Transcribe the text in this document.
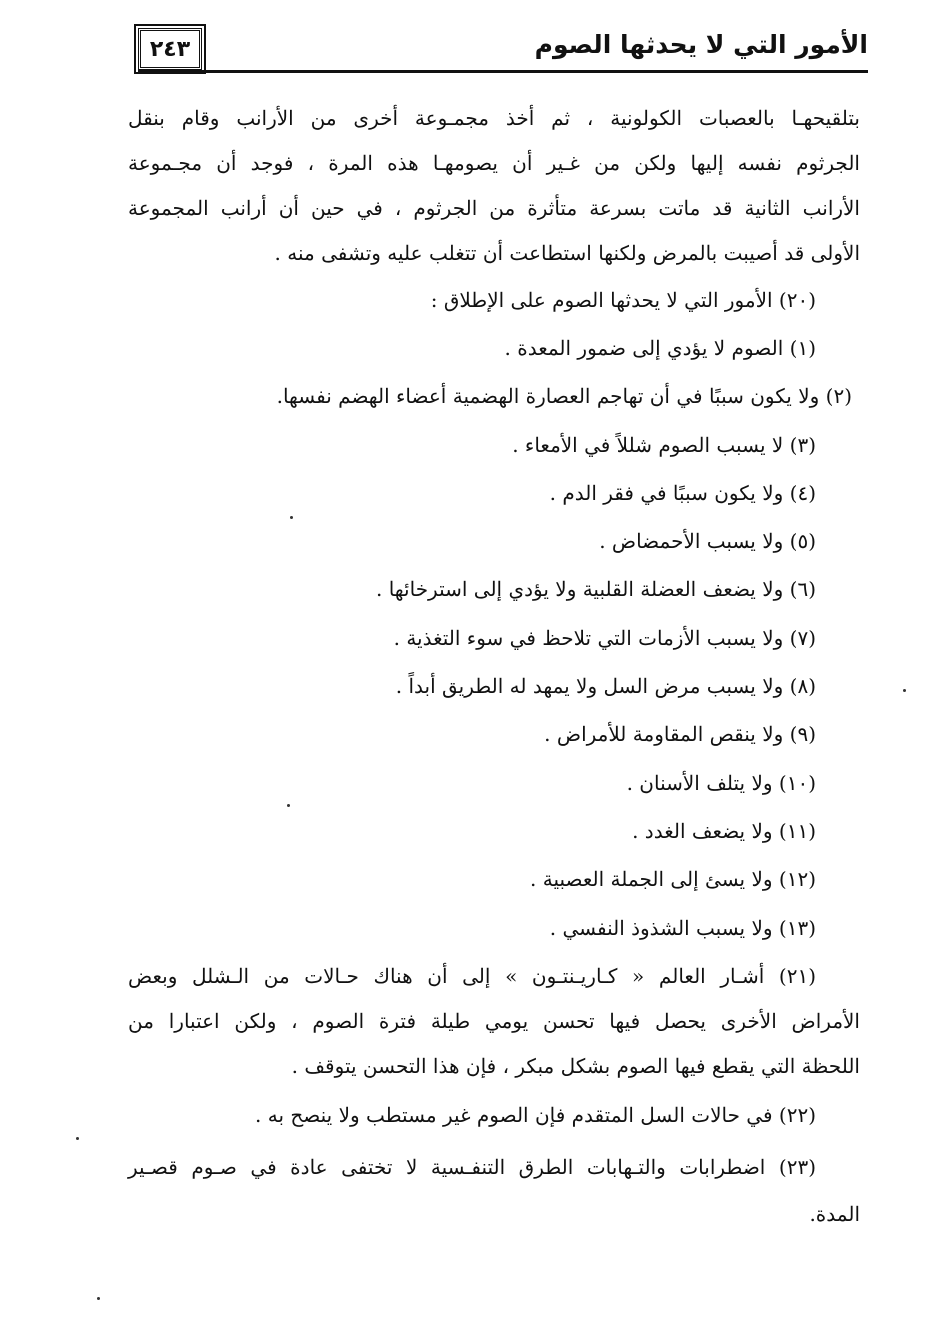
٢٤٣	الأمور التي لا يحدثها الصوم
بتلقيحهـا بالعصبات الكولونية ، ثم أخذ مجمـوعة أخرى من الأرانب وقام بنقل
الجرثوم نفسه إليها ولكن من غـير أن يصومهـا هذه المرة ، فوجد أن مجـموعة
الأرانب الثانية قد ماتت بسرعة متأثرة من الجرثوم ، في حين أن أرانب المجموعة
الأولى قد أصيبت بالمرض ولكنها استطاعت أن تتغلب عليه وتشفى منه .
(٢٠) الأمور التي لا يحدثها الصوم على الإطلاق :
(١) الصوم لا يؤدي إلى ضمور المعدة .
(٢) ولا يكون سببًا في أن تهاجم العصارة الهضمية أعضاء الهضم نفسها.
(٣) لا يسبب الصوم شللاً في الأمعاء .
(٤) ولا يكون سببًا في فقر الدم .
(٥) ولا يسبب الأحمضاض .
(٦) ولا يضعف العضلة القلبية ولا يؤدي إلى استرخائها .
(٧) ولا يسبب الأزمات التي تلاحظ في سوء التغذية .
(٨) ولا يسبب مرض السل ولا يمهد له الطريق أبداً .
(٩) ولا ينقص المقاومة للأمراض .
(١٠) ولا يتلف الأسنان .
(١١) ولا يضعف الغدد .
(١٢) ولا يسئ إلى الجملة العصبية .
(١٣) ولا يسبب الشذوذ النفسي .
(٢١) أشـار العالم « كـاريـنتـون » إلى أن هناك حـالات من الـشلل وبعض
الأمراض الأخرى يحصل فيها تحسن يومي طيلة فترة الصوم ، ولكن اعتبارا من
اللحظة التي يقطع فيها الصوم بشكل مبكر ، فإن هذا التحسن يتوقف .
(٢٢) في حالات السل المتقدم فإن الصوم غير مستطب ولا ينصح به .
(٢٣) اضطرابات والتـهابات الطرق التنفـسية لا تختفى عادة في صـوم قصـير
المدة.
